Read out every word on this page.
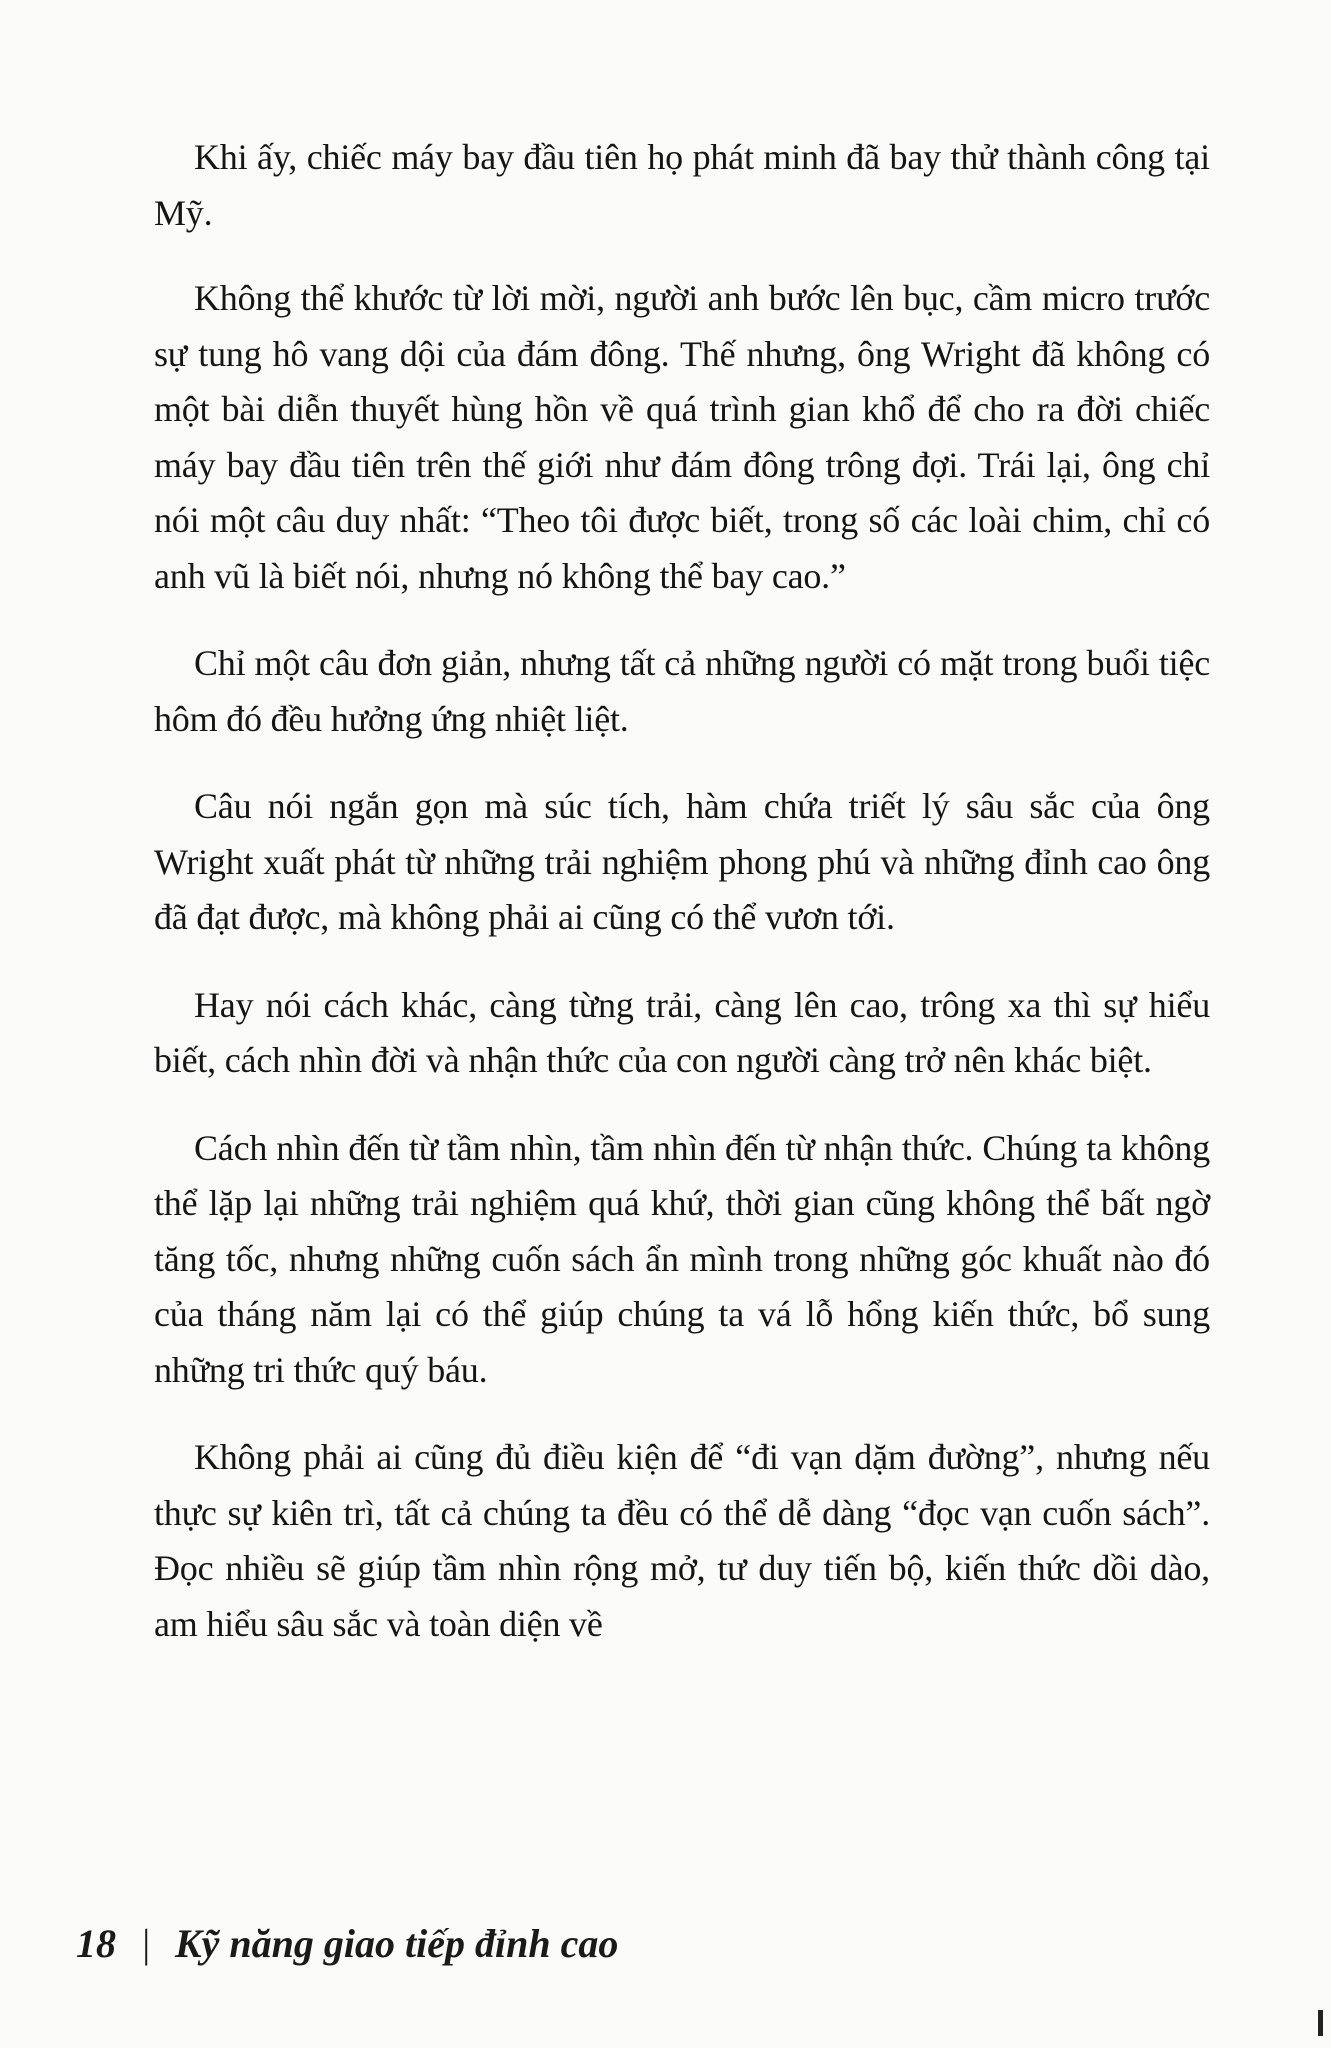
Khi ấy, chiếc máy bay đầu tiên họ phát minh đã bay thử thành công tại Mỹ.

Không thể khước từ lời mời, người anh bước lên bục, cầm micro trước sự tung hô vang dội của đám đông. Thế nhưng, ông Wright đã không có một bài diễn thuyết hùng hồn về quá trình gian khổ để cho ra đời chiếc máy bay đầu tiên trên thế giới như đám đông trông đợi. Trái lại, ông chỉ nói một câu duy nhất: “Theo tôi được biết, trong số các loài chim, chỉ có anh vũ là biết nói, nhưng nó không thể bay cao.”

Chỉ một câu đơn giản, nhưng tất cả những người có mặt trong buổi tiệc hôm đó đều hưởng ứng nhiệt liệt.

Câu nói ngắn gọn mà súc tích, hàm chứa triết lý sâu sắc của ông Wright xuất phát từ những trải nghiệm phong phú và những đỉnh cao ông đã đạt được, mà không phải ai cũng có thể vươn tới.

Hay nói cách khác, càng từng trải, càng lên cao, trông xa thì sự hiểu biết, cách nhìn đời và nhận thức của con người càng trở nên khác biệt.

Cách nhìn đến từ tầm nhìn, tầm nhìn đến từ nhận thức. Chúng ta không thể lặp lại những trải nghiệm quá khứ, thời gian cũng không thể bất ngờ tăng tốc, nhưng những cuốn sách ẩn mình trong những góc khuất nào đó của tháng năm lại có thể giúp chúng ta vá lỗ hổng kiến thức, bổ sung những tri thức quý báu.

Không phải ai cũng đủ điều kiện để “đi vạn dặm đường”, nhưng nếu thực sự kiên trì, tất cả chúng ta đều có thể dễ dàng “đọc vạn cuốn sách”. Đọc nhiều sẽ giúp tầm nhìn rộng mở, tư duy tiến bộ, kiến thức dồi dào, am hiểu sâu sắc và toàn diện về

18 | Kỹ năng giao tiếp đỉnh cao
